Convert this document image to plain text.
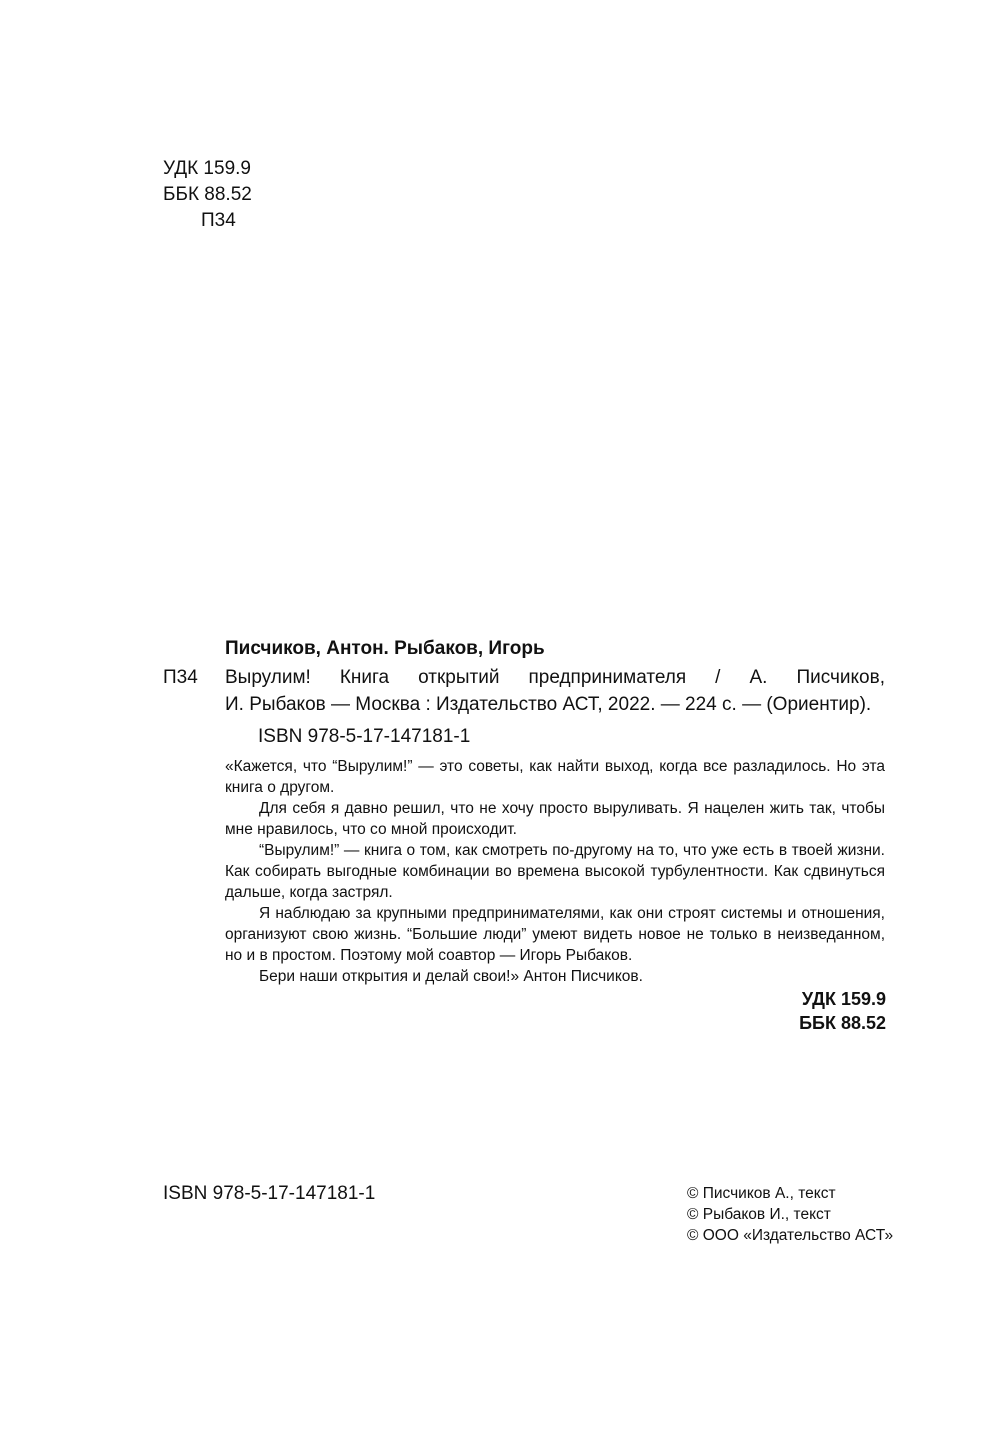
УДК 159.9
ББК 88.52
П34
Писчиков, Антон. Рыбаков, Игорь
П34 Вырулим! Книга открытий предпринимателя / А. Писчиков,
И. Рыбаков — Москва : Издательство АСТ, 2022. — 224 с. — (Ориентир).
ISBN 978-5-17-147181-1

«Кажется, что “Вырулим!” — это советы, как найти выход, когда все разладилось. Но эта книга о другом.

Для себя я давно решил, что не хочу просто выруливать. Я нацелен жить так, чтобы мне нравилось, что со мной происходит.

“Вырулим!” — книга о том, как смотреть по-другому на то, что уже есть в твоей жизни. Как собирать выгодные комбинации во времена высокой турбулентности. Как сдвинуться дальше, когда застрял.

Я наблюдаю за крупными предпринимателями, как они строят системы и отношения, организуют свою жизнь. “Большие люди” умеют видеть новое не только в неизведанном, но и в простом. Поэтому мой соавтор — Игорь Рыбаков.

Бери наши открытия и делай свои!» Антон Писчиков.

УДК 159.9
ББК 88.52
ISBN 978-5-17-147181-1	© Писчиков А., текст
© Рыбаков И., текст
© ООО «Издательство АСТ»
